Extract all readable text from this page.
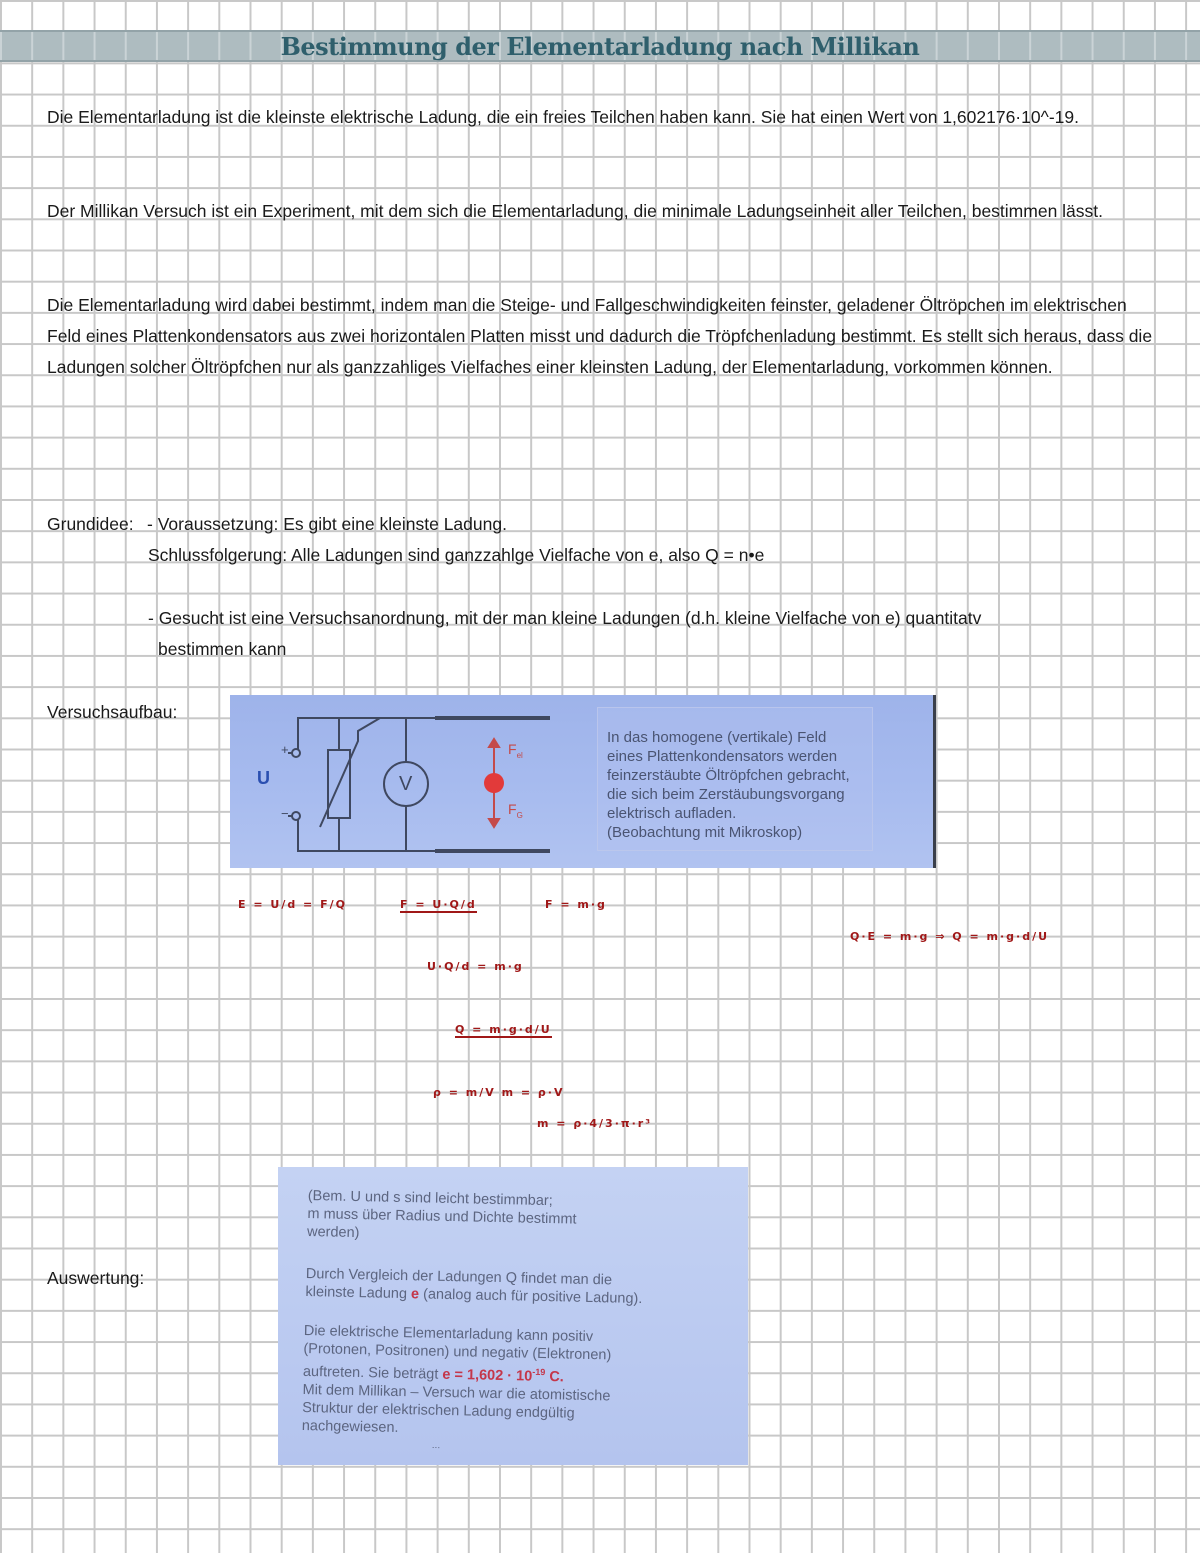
Bestimmung der Elementarladung nach Millikan

Die Elementarladung ist die kleinste elektrische Ladung, die ein freies Teilchen haben kann. Sie hat einen Wert von 1,602176·10^-19.

Der Millikan Versuch ist ein Experiment, mit dem sich die Elementarladung, die minimale Ladungseinheit aller Teilchen, bestimmen lässt.

Die Elementarladung wird dabei bestimmt, indem man die Steige- und Fallgeschwindigkeiten feinster, geladener Öltröpchen im elektrischen Feld eines Plattenkondensators aus zwei horizontalen Platten misst und dadurch die Tröpfchenladung bestimmt. Es stellt sich heraus, dass die Ladungen solcher Öltröpfchen nur als ganzzahliges Vielfaches einer kleinsten Ladung, der Elementarladung, vorkommen können.

Grundidee: - Voraussetzung: Es gibt eine kleinste Ladung.
Schlussfolgerung: Alle Ladungen sind ganzzahlge Vielfache von e, also Q = n•e
- Gesucht ist eine Versuchsanordnung, mit der man kleine Ladungen (d.h. kleine Vielfache von e) quantitatv
bestimmen kann
Versuchsaufbau:
U
+
−
V
$F_{el}$
$F_G$
In das homogene (vertikale) Feld
eines Plattenkondensators werden
feinzerstäubte Öltröpfchen gebracht,
die sich beim Zerstäubungsvorgang
elektrisch aufladen.
(Beobachtung mit Mikroskop)
E = U/d = F/Q	F = U·Q/d	F = m·g
U·Q/d = m·g
Q = m·g·d/U
ρ = m/V m = ρ·V
m = ρ·4/3·π·r³
Q·E = m·g ⇒ Q = m·g·d/U
Auswertung:
(Bem. U und s sind leicht bestimmbar;
m muss über Radius und Dichte bestimmt
werden)
Durch Vergleich der Ladungen Q findet man die
kleinste Ladung e (analog auch für positive Ladung).
Die elektrische Elementarladung kann positiv
(Protonen, Positronen) und negativ (Elektronen)
auftreten. Sie beträgt $e = 1,602 \cdot 10^{-19}$ C.
Mit dem Millikan – Versuch war die atomistische
Struktur der elektrischen Ladung endgültig
nachgewiesen.
...
